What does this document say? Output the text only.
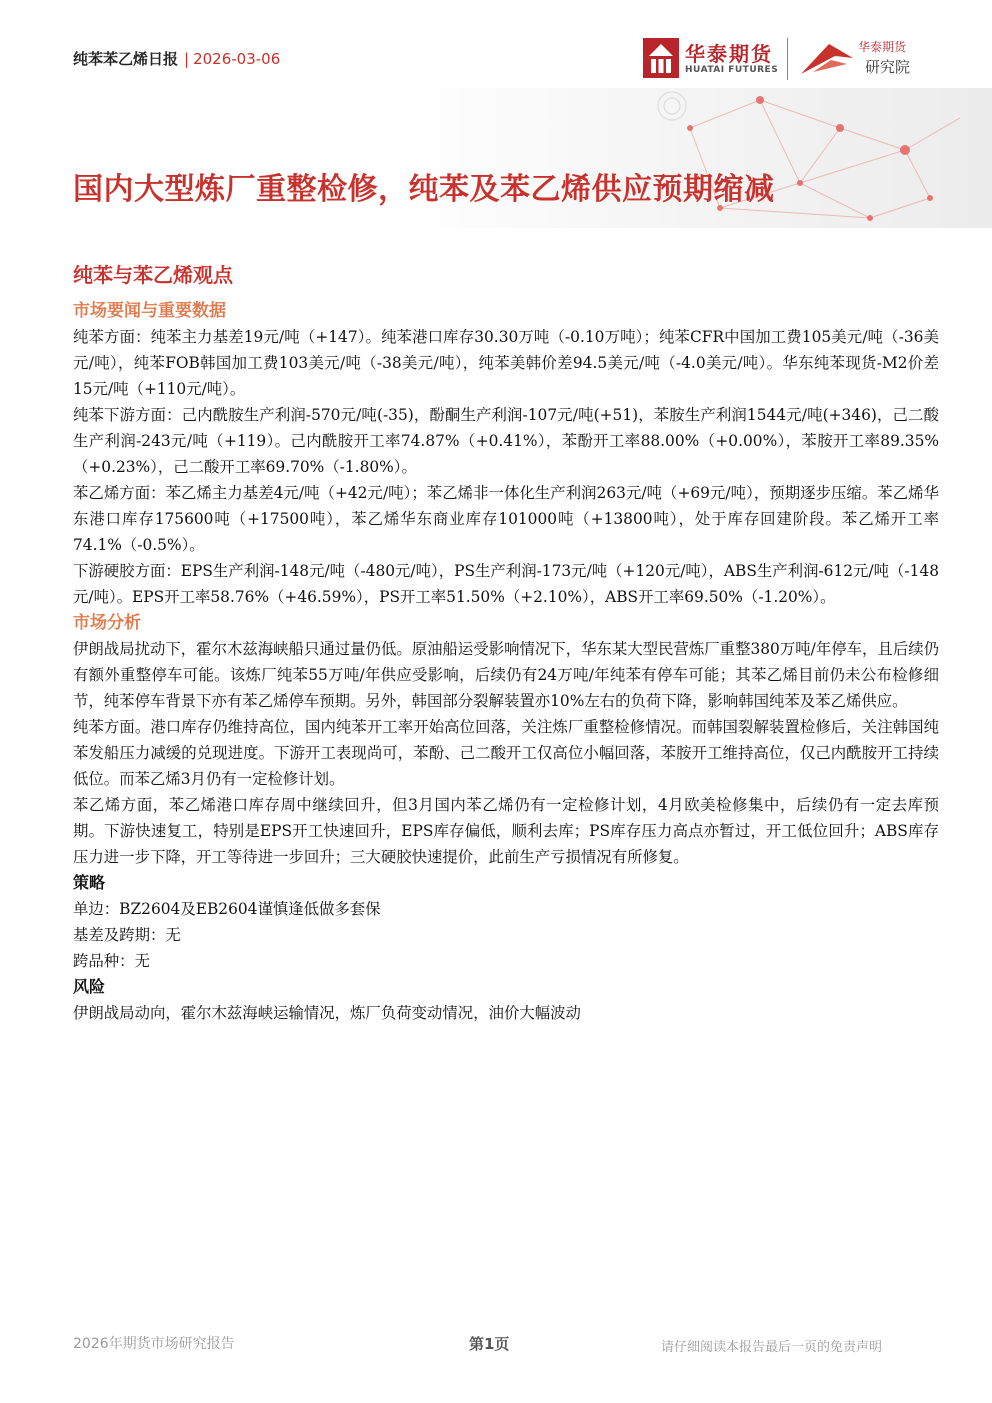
纯苯苯乙烯日报 | 2026-03-06	华泰期货
HUATAI FUTURES
华泰期货
研究院
国内大型炼厂重整检修，纯苯及苯乙烯供应预期缩减
纯苯与苯乙烯观点

市场要闻与重要数据

纯苯方面：纯苯主力基差19元/吨（+147）。纯苯港口库存30.30万吨（-0.10万吨）；纯苯CFR中国加工费105美元/吨（-36美元/吨），纯苯FOB韩国加工费103美元/吨（-38美元/吨），纯苯美韩价差94.5美元/吨（-4.0美元/吨）。华东纯苯现货-M2价差15元/吨（+110元/吨）。

纯苯下游方面：己内酰胺生产利润-570元/吨(-35)，酚酮生产利润-107元/吨(+51)，苯胺生产利润1544元/吨(+346)，己二酸生产利润-243元/吨（+119）。己内酰胺开工率74.87%（+0.41%），苯酚开工率88.00%（+0.00%），苯胺开工率89.35%（+0.23%），己二酸开工率69.70%（-1.80%）。

苯乙烯方面：苯乙烯主力基差4元/吨（+42元/吨）；苯乙烯非一体化生产利润263元/吨（+69元/吨），预期逐步压缩。苯乙烯华东港口库存175600吨（+17500吨），苯乙烯华东商业库存101000吨（+13800吨），处于库存回建阶段。苯乙烯开工率74.1%（-0.5%）。

下游硬胶方面：EPS生产利润-148元/吨（-480元/吨），PS生产利润-173元/吨（+120元/吨），ABS生产利润-612元/吨（-148元/吨）。EPS开工率58.76%（+46.59%），PS开工率51.50%（+2.10%），ABS开工率69.50%（-1.20%）。

市场分析

伊朗战局扰动下，霍尔木兹海峡船只通过量仍低。原油船运受影响情况下，华东某大型民营炼厂重整380万吨/年停车，且后续仍有额外重整停车可能。该炼厂纯苯55万吨/年供应受影响，后续仍有24万吨/年纯苯有停车可能；其苯乙烯目前仍未公布检修细节，纯苯停车背景下亦有苯乙烯停车预期。另外，韩国部分裂解装置亦10%左右的负荷下降，影响韩国纯苯及苯乙烯供应。

纯苯方面。港口库存仍维持高位，国内纯苯开工率开始高位回落，关注炼厂重整检修情况。而韩国裂解装置检修后，关注韩国纯苯发船压力减缓的兑现进度。下游开工表现尚可，苯酚、己二酸开工仅高位小幅回落，苯胺开工维持高位，仅己内酰胺开工持续低位。而苯乙烯3月仍有一定检修计划。

苯乙烯方面，苯乙烯港口库存周中继续回升，但3月国内苯乙烯仍有一定检修计划，4月欧美检修集中，后续仍有一定去库预期。下游快速复工，特别是EPS开工快速回升，EPS库存偏低，顺利去库；PS库存压力高点亦暂过，开工低位回升；ABS库存压力进一步下降，开工等待进一步回升；三大硬胶快速提价，此前生产亏损情况有所修复。

策略

单边：BZ2604及EB2604谨慎逢低做多套保

基差及跨期：无

跨品种：无

风险

伊朗战局动向，霍尔木兹海峡运输情况，炼厂负荷变动情况，油价大幅波动

2026年期货市场研究报告	第1页	请仔细阅读本报告最后一页的免责声明
